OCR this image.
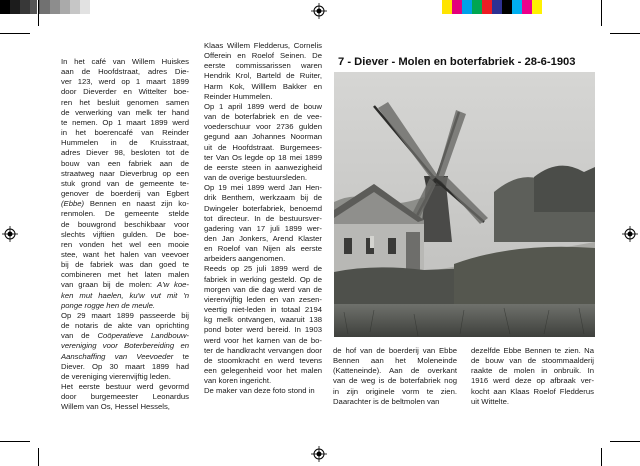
In het café van Willem Huiskes

aan de Hoofdstraat, adres Die-

ver 123, werd op 1 maart 1899

door Dieverder en Wittelter boe-

ren het besluit genomen samen

de verwerking van melk ter hand

te nemen. Op 1 maart 1899 werd

in het boerencafé van Reinder

Hummelen in de Kruisstraat,

adres Diever 98, besloten tot de

bouw van een fabriek aan de

straatweg naar Dieverbrug op een

stuk grond van de gemeente te-

genover de boerderij van Egbert

(Ebbe) Bennen en naast zijn ko-

renmolen. De gemeente stelde

de bouwgrond beschikbaar voor

slechts vijftien gulden. De boe-

ren vonden het wel een mooie

stee, want het halen van veevoer

bij de fabriek was dan goed te

combineren met het laten malen

van graan bij de molen: A'w koe-

ken mut haelen, ku'w vut mit 'n

ponge rogge hen de meule.

Op 29 maart 1899 passeerde bij

de notaris de akte van oprichting

van de Coöperatieve Landbouw-

vereniging voor Boterbereiding en

Aanschaffing van Veevoeder te

Diever. Op 30 maart 1899 had

de vereniging vierenvijftig leden.

Het eerste bestuur werd gevormd

door burgemeester Leonardus

Willem van Os, Hessel Hessels,

Klaas Willem Fledderus, Cornelis

Offerein en Roelof Seinen. De

eerste commissarissen waren

Hendrik Krol, Barteld de Ruiter,

Harm Kok, Willlem Bakker en

Reinder Hummelen.

Op 1 april 1899 werd de bouw

van de boterfabriek en de vee-

voederschuur voor 2736 gulden

gegund aan Johannes Noorman

uit de Hoofdstraat. Burgemees-

ter Van Os legde op 18 mei 1899

de eerste steen in aanwezigheid

van de overige bestuursleden.

Op 19 mei 1899 werd Jan Hen-

drik Benthem, werkzaam bij de

Dwingeler boterfabriek, benoemd

tot directeur. In de bestuursver-

gadering van 17 juli 1899 wer-

den Jan Jonkers, Arend Klaster

en Roelof van Nijen als eerste

arbeiders aangenomen.

Reeds op 25 juli 1899 werd de

fabriek in werking gesteld. Op de

morgen van die dag werd van de

vierenvijftig leden en van zesen-

veertig niet-leden in totaal 2194

kg melk ontvangen, waaruit 138

pond boter werd bereid. In 1903

werd voor het karnen van de bo-

ter de handkracht vervangen door

de stoomkracht en werd tevens

een gelegenheid voor het malen

van koren ingericht.

De maker van deze foto stond in

de hof van de boerderij van Ebbe

Bennen aan het Moleneinde

(Katteneinde). Aan de overkant

van de weg is de boterfabriek nog

in zijn originele vorm te zien.

Daarachter is de beltmolen van

dezelfde Ebbe Bennen te zien. Na

de bouw van de stoommaalderij

raakte de molen in onbruik. In

1916 werd deze op afbraak ver-

kocht aan Klaas Roelof Fledderus

uit Wittelte.

7 - Diever - Molen en boterfabriek - 28-6-1903
